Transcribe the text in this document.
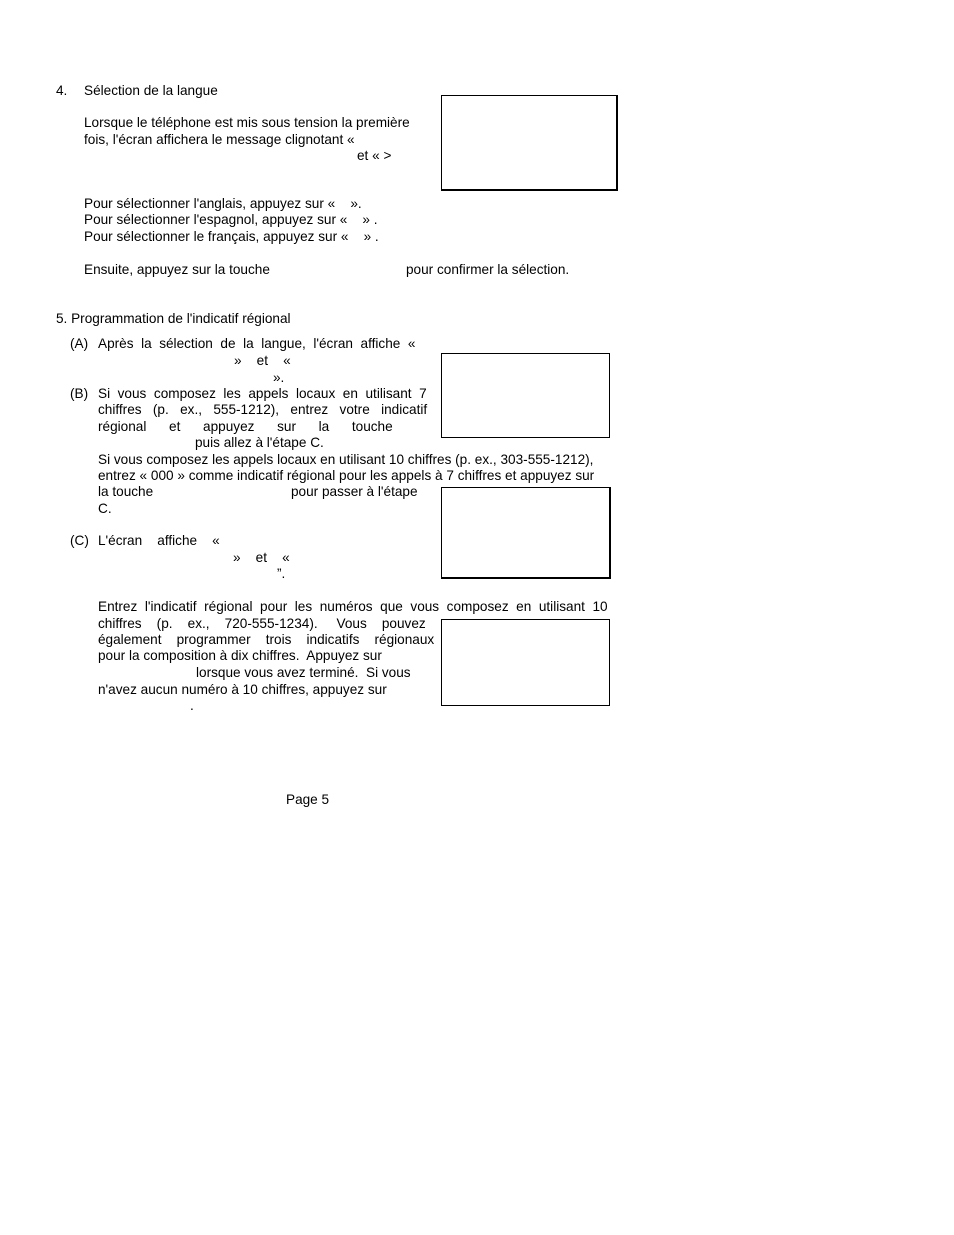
4. Sélection de la langue
Lorsque le téléphone est mis sous tension la première
fois, l'écran affichera le message clignotant «
et « >
Pour sélectionner l'anglais, appuyez sur «    ».
Pour sélectionner l'espagnol, appuyez sur «    » .
Pour sélectionner le français, appuyez sur «    » .
Ensuite, appuyez sur la touche	pour confirmer la sélection.
5. Programmation de l'indicatif régional
(A) Après  la  sélection  de  la  langue,  l'écran  affiche  «
»    et    «
».
(B) Si  vous  composez  les  appels  locaux  en  utilisant  7
chiffres   (p.   ex.,   555-1212),   entrez   votre   indicatif
régional      et      appuyez      sur      la      touche
puis allez à l'étape C.
Si vous composez les appels locaux en utilisant 10 chiffres (p. ex., 303-555-1212),
entrez « 000 » comme indicatif régional pour les appels à 7 chiffres et appuyez sur
la touche	pour passer à l'étape
C.
(C) L'écran    affiche    «
»    et    «
”.
Entrez  l'indicatif  régional  pour  les  numéros  que  vous  composez  en  utilisant  10
chiffres    (p.    ex.,    720-555-1234).     Vous    pouvez
également    programmer    trois    indicatifs    régionaux
pour la composition à dix chiffres.  Appuyez sur
lorsque vous avez terminé.  Si vous
n'avez aucun numéro à 10 chiffres, appuyez sur
.
Page 5
